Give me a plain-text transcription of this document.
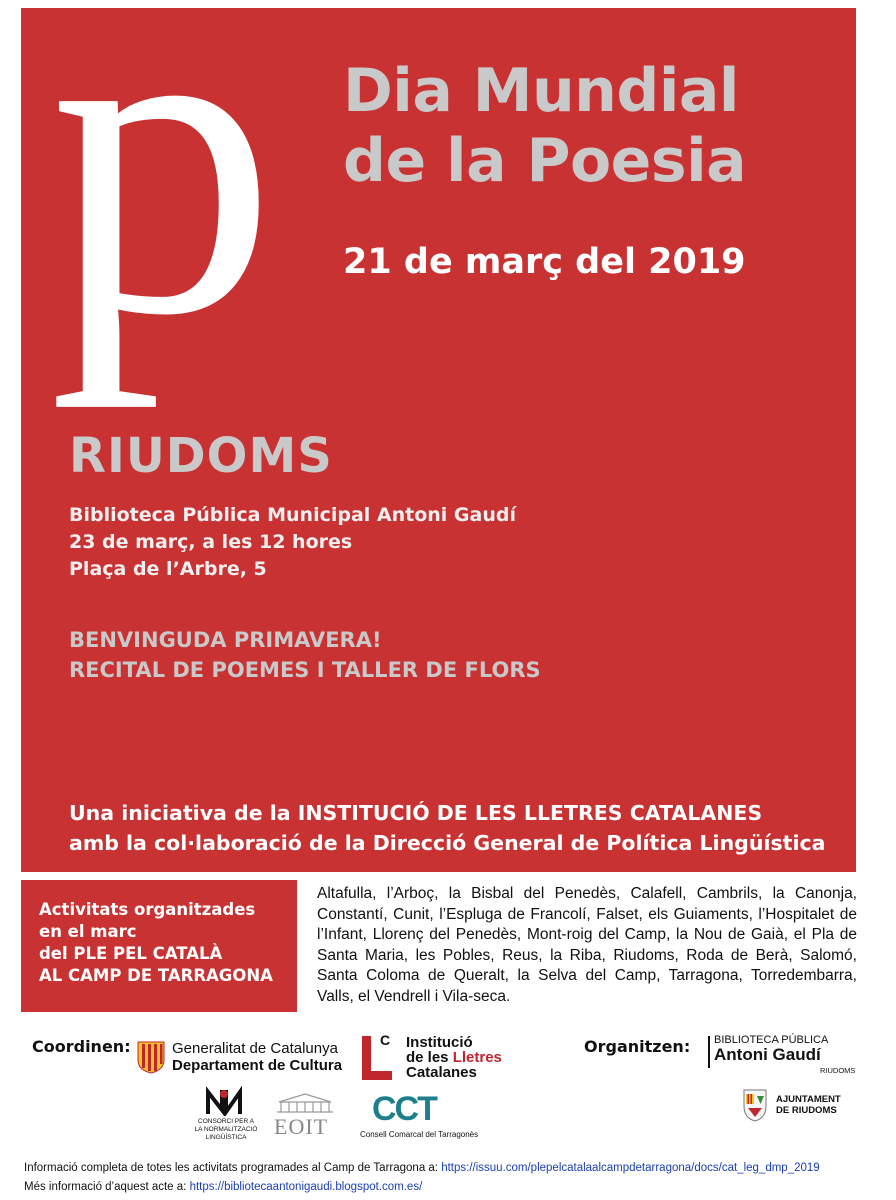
p Dia Mundial
de la Poesia
21 de març del 2019
RIUDOMS
Biblioteca Pública Municipal Antoni Gaudí
23 de març, a les 12 hores
Plaça de l’Arbre, 5
BENVINGUDA PRIMAVERA!
RECITAL DE POEMES I TALLER DE FLORS
Una iniciativa de la INSTITUCIÓ DE LES LLETRES CATALANES
amb la col·laboració de la Direcció General de Política Lingüística
Activitats organitzades
en el marc
del PLE PEL CATALÀ
AL CAMP DE TARRAGONA

Altafulla, l’Arboç, la Bisbal del Penedès, Calafell, Cambrils, la Canonja, Constantí, Cunit, l’Espluga de Francolí, Falset, els Guiaments, l’Hospitalet de l’Infant, Llorenç del Penedès, Mont-roig del Camp, la Nou de Gaià, el Pla de Santa Maria, les Pobles, Reus, la Riba, Riudoms, Roda de Berà, Salomó, Santa Coloma de Queralt, la Selva del Camp, Tarragona, Torredembarra, Valls, el Vendrell i Vila-seca.

Coordinen:	Organitzen:
Generalitat de Catalunya
Departament de Cultura
C Institució
de les Lletres
Catalanes
BIBLIOTECA PÚBLICA
Antoni Gaudí
RIUDOMS
CONSORCI PER A
LA NORMALITZACIÓ
LINGÜÍSTICA	EOIT CCT
Consell Comarcal del Tarragonès
AJUNTAMENT
DE RIUDOMS
Informació completa de totes les activitats programades al Camp de Tarragona a: https://issuu.com/plepelcatalaalcampdetarragona/docs/cat_leg_dmp_2019
Més informació d’aquest acte a: https://bibliotecaantonigaudi.blogspot.com.es/
